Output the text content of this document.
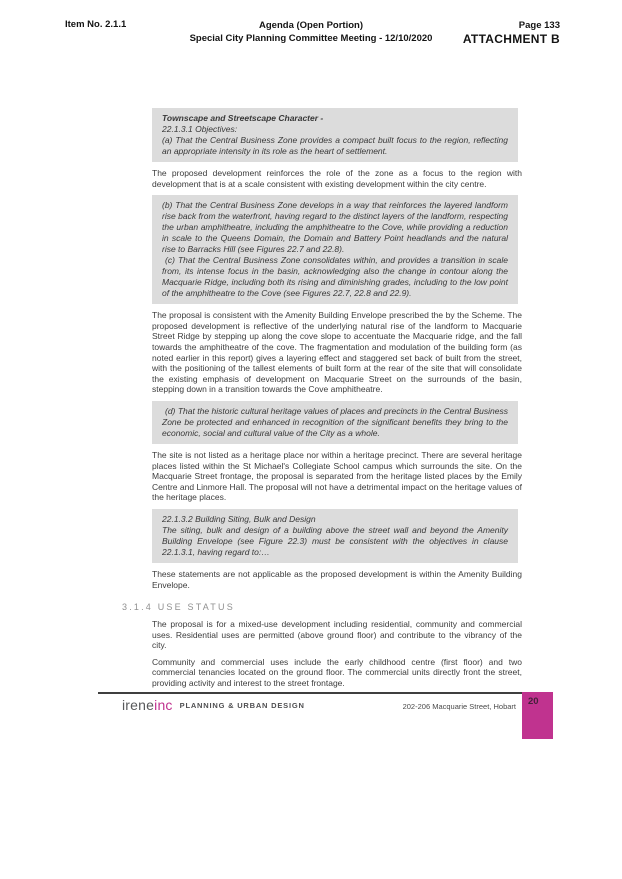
Item No. 2.1.1	Agenda (Open Portion)
Special City Planning Committee Meeting - 12/10/2020
Page 133
ATTACHMENT B
Townscape and Streetscape Character -
22.1.3.1 Objectives:
(a) That the Central Business Zone provides a compact built focus to the region, reflecting an appropriate intensity in its role as the heart of settlement.

The proposed development reinforces the role of the zone as a focus to the region with development that is at a scale consistent with existing development within the city centre.

(b) That the Central Business Zone develops in a way that reinforces the layered landform rise back from the waterfront, having regard to the distinct layers of the landform, respecting the urban amphitheatre, including the amphitheatre to the Cove, while providing a reduction in scale to the Queens Domain, the Domain and Battery Point headlands and the natural rise to Barracks Hill (see Figures 22.7 and 22.8).
(c) That the Central Business Zone consolidates within, and provides a transition in scale from, its intense focus in the basin, acknowledging also the change in contour along the Macquarie Ridge, including both its rising and diminishing grades, including to the low point of the amphitheatre to the Cove (see Figures 22.7, 22.8 and 22.9).

The proposal is consistent with the Amenity Building Envelope prescribed the by the Scheme. The proposed development is reflective of the underlying natural rise of the landform to Macquarie Street Ridge by stepping up along the cove slope to accentuate the Macquarie ridge, and the fall towards the amphitheatre of the cove. The fragmentation and modulation of the building form (as noted earlier in this report) gives a layering effect and staggered set back of built from the street, with the positioning of the tallest elements of built form at the rear of the site that will consolidate the existing emphasis of development on Macquarie Street on the surrounds of the basin, stepping down in a transition towards the Cove amphitheatre.

(d) That the historic cultural heritage values of places and precincts in the Central Business Zone be protected and enhanced in recognition of the significant benefits they bring to the economic, social and cultural value of the City as a whole.

The site is not listed as a heritage place nor within a heritage precinct. There are several heritage places listed within the St Michael's Collegiate School campus which surrounds the site. On the Macquarie Street frontage, the proposal is separated from the heritage listed places by the Emily Centre and Linmore Hall. The proposal will not have a detrimental impact on the heritage values of the heritage places.

22.1.3.2 Building Siting, Bulk and Design
The siting, bulk and design of a building above the street wall and beyond the Amenity Building Envelope (see Figure 22.3) must be consistent with the objectives in clause 22.1.3.1, having regard to:…

These statements are not applicable as the proposed development is within the Amenity Building Envelope.

3.1.4 USE STATUS

The proposal is for a mixed-use development including residential, community and commercial uses. Residential uses are permitted (above ground floor) and contribute to the vibrancy of the city.

Community and commercial uses include the early childhood centre (first floor) and two commercial tenancies located on the ground floor. The commercial units directly front the street, providing activity and interest to the street frontage.

ireneinc PLANNING & URBAN DESIGN	202-206 Macquarie Street, Hobart	20
